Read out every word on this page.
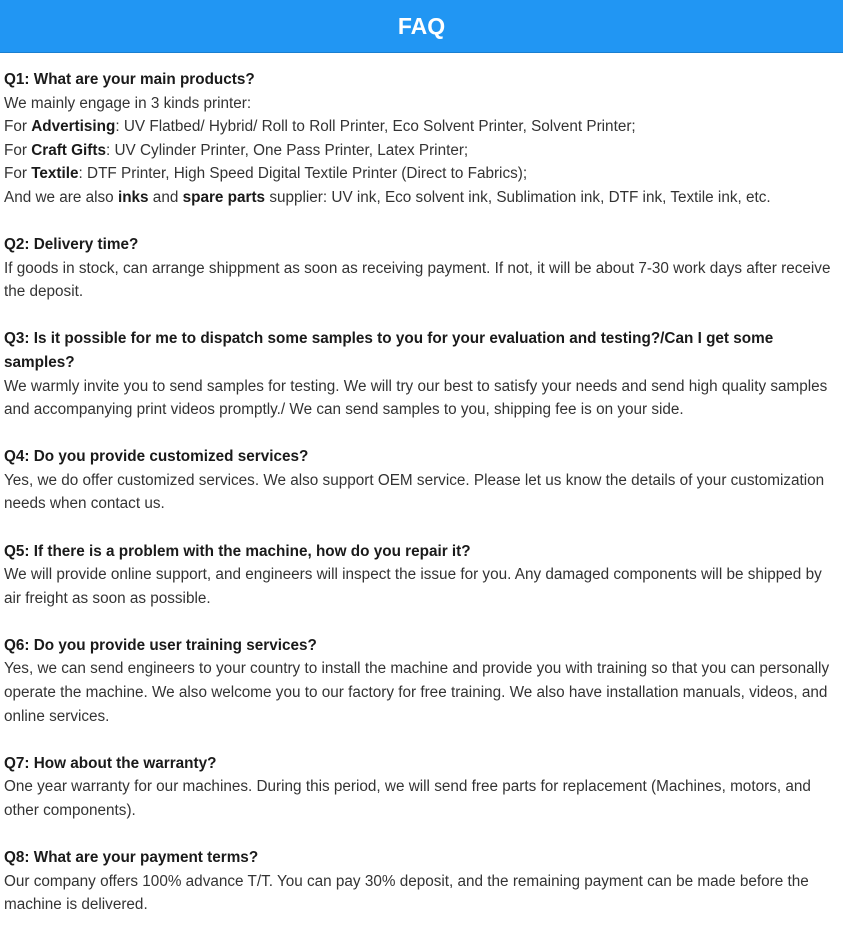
FAQ
Q1: What are your main products?
We mainly engage in 3 kinds printer:
For Advertising: UV Flatbed/ Hybrid/ Roll to Roll Printer, Eco Solvent Printer, Solvent Printer;
For Craft Gifts: UV Cylinder Printer, One Pass Printer, Latex Printer;
For Textile: DTF Printer, High Speed Digital Textile Printer (Direct to Fabrics);
And we are also inks and spare parts supplier: UV ink, Eco solvent ink, Sublimation ink, DTF ink, Textile ink, etc.
Q2: Delivery time?
If goods in stock, can arrange shippment as soon as receiving payment. If not, it will be about 7-30 work days after receive the deposit.
Q3: Is it possible for me to dispatch some samples to you for your evaluation and testing?/Can I get some samples?
We warmly invite you to send samples for testing. We will try our best to satisfy your needs and send high quality samples and accompanying print videos promptly./ We can send samples to you, shipping fee is on your side.
Q4: Do you provide customized services?
Yes, we do offer customized services. We also support OEM service. Please let us know the details of your customization needs when contact us.
Q5: If there is a problem with the machine, how do you repair it?
We will provide online support, and engineers will inspect the issue for you. Any damaged components will be shipped by air freight as soon as possible.
Q6: Do you provide user training services?
Yes, we can send engineers to your country to install the machine and provide you with training so that you can personally operate the machine. We also welcome you to our factory for free training. We also have installation manuals, videos, and online services.
Q7: How about the warranty?
One year warranty for our machines. During this period, we will send free parts for replacement (Machines, motors, and other components).
Q8: What are your payment terms?
Our company offers 100% advance T/T. You can pay 30% deposit, and the remaining payment can be made before the machine is delivered.
